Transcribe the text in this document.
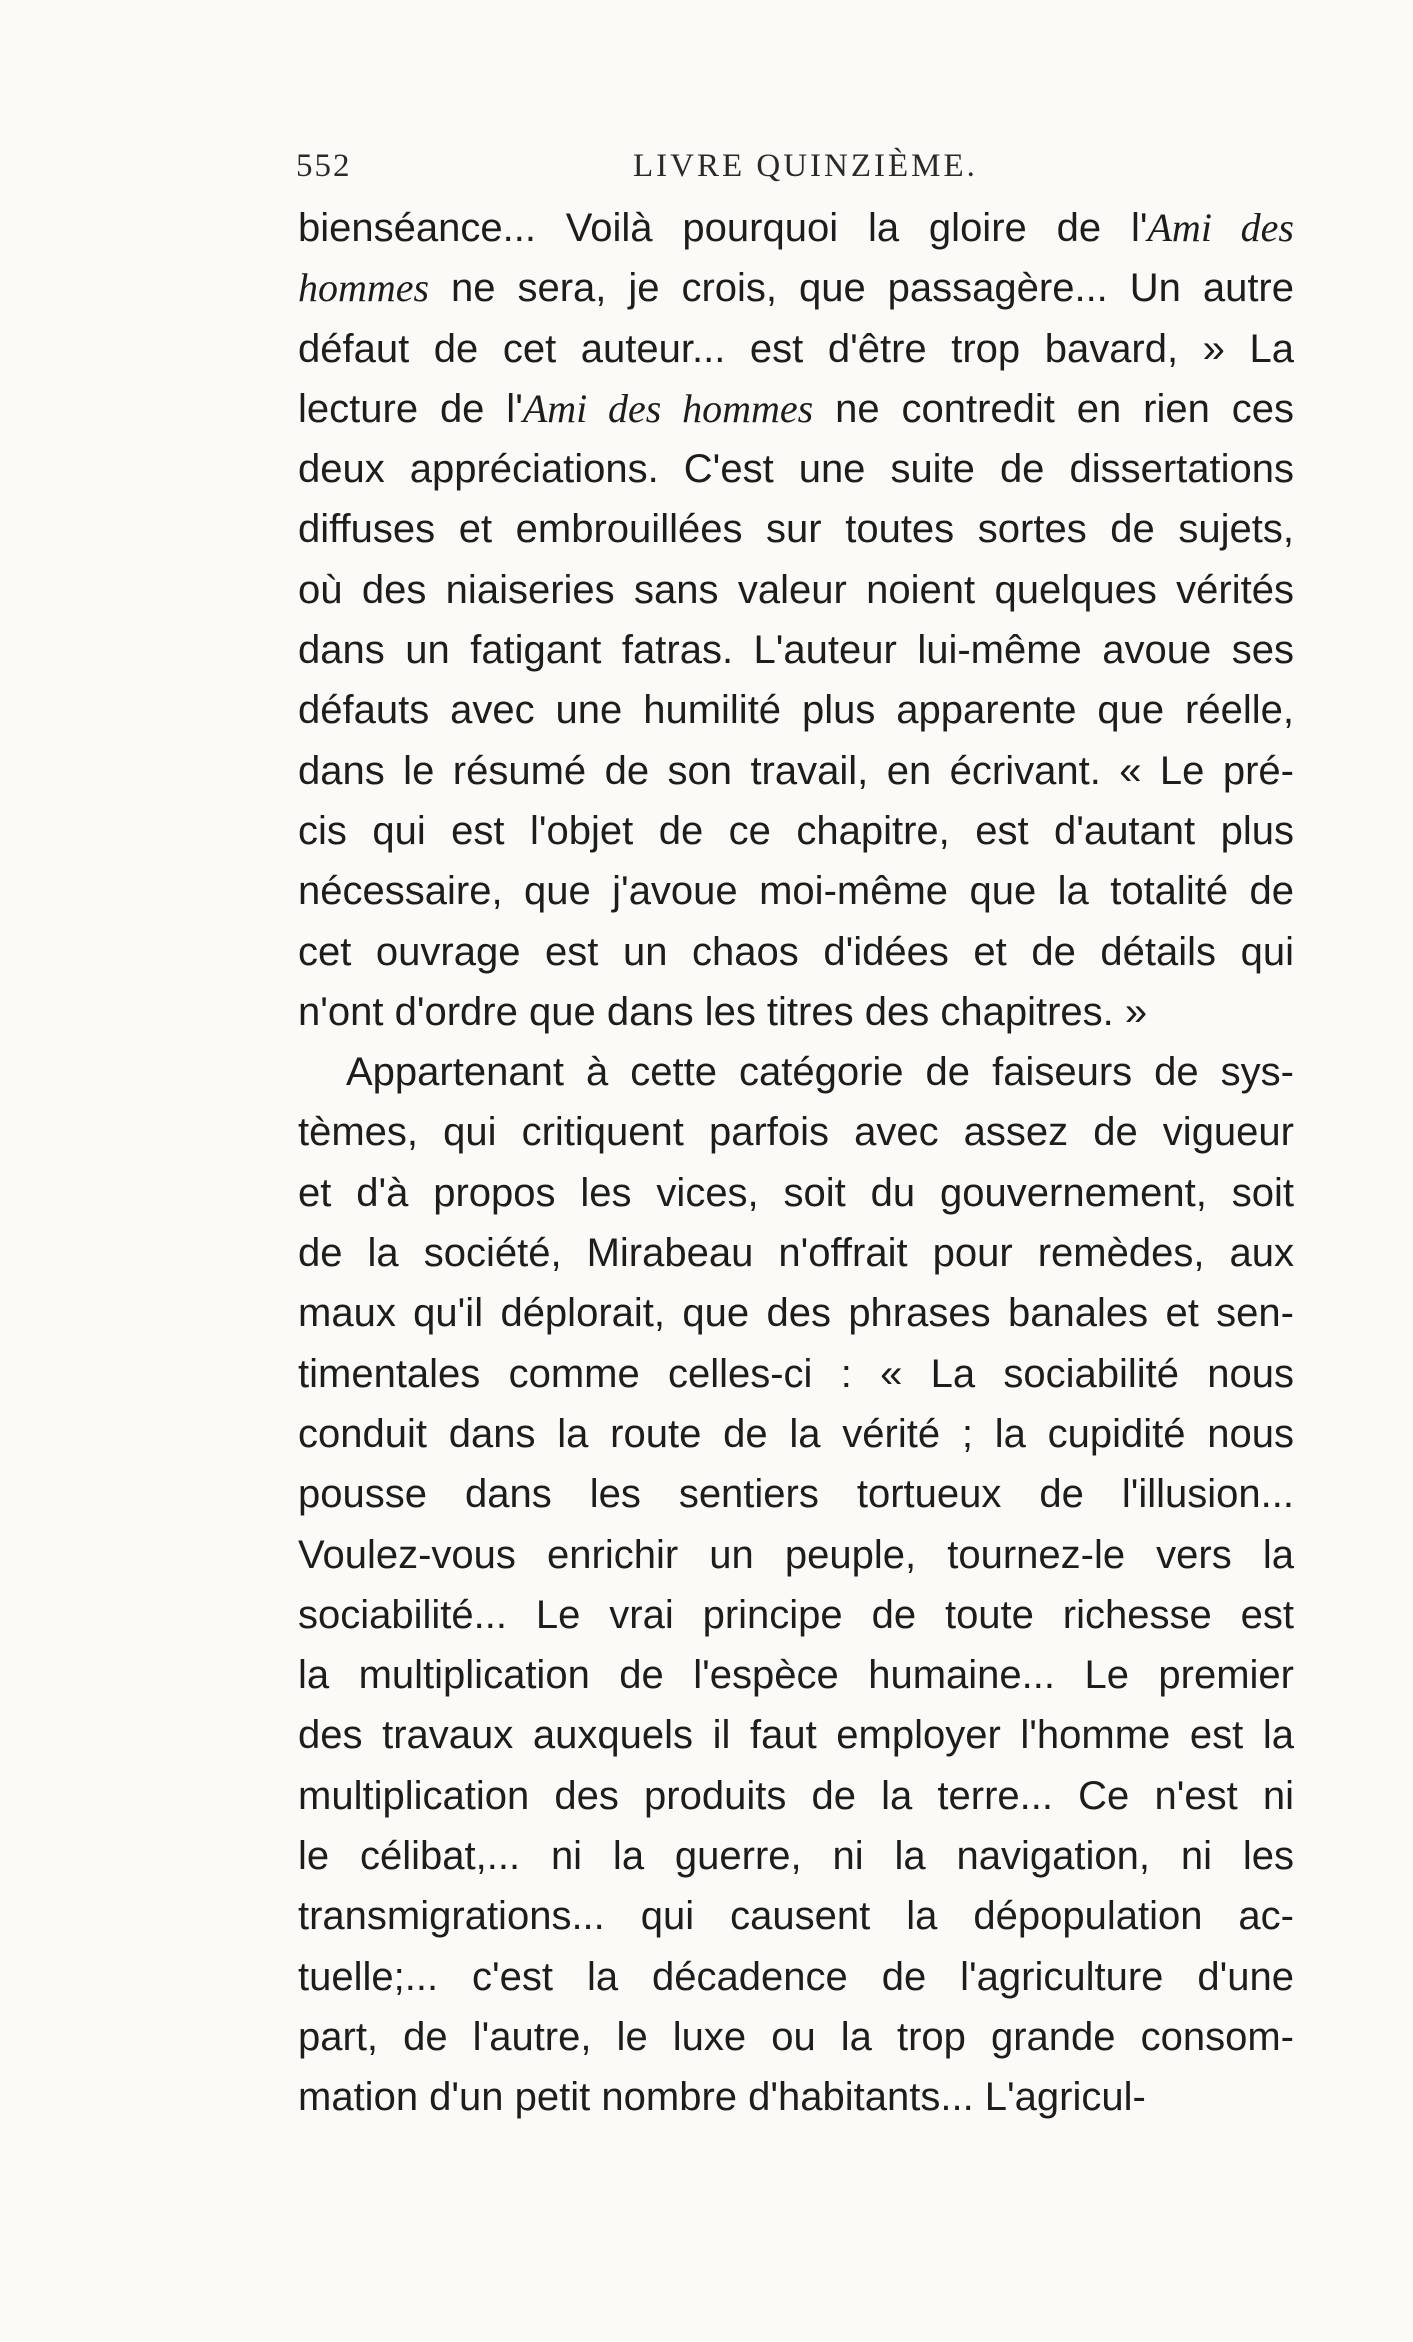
552	LIVRE QUINZIÈME.
bienséance... Voilà pourquoi la gloire de l'Ami des
hommes ne sera, je crois, que passagère... Un autre
défaut de cet auteur... est d'être trop bavard, » La
lecture de l'Ami des hommes ne contredit en rien ces
deux appréciations. C'est une suite de dissertations
diffuses et embrouillées sur toutes sortes de sujets,
où des niaiseries sans valeur noient quelques vérités
dans un fatigant fatras. L'auteur lui-même avoue ses
défauts avec une humilité plus apparente que réelle,
dans le résumé de son travail, en écrivant. « Le pré-
cis qui est l'objet de ce chapitre, est d'autant plus
nécessaire, que j'avoue moi-même que la totalité de
cet ouvrage est un chaos d'idées et de détails qui
n'ont d'ordre que dans les titres des chapitres. »
Appartenant à cette catégorie de faiseurs de sys-
tèmes, qui critiquent parfois avec assez de vigueur
et d'à propos les vices, soit du gouvernement, soit
de la société, Mirabeau n'offrait pour remèdes, aux
maux qu'il déplorait, que des phrases banales et sen-
timentales comme celles-ci : « La sociabilité nous
conduit dans la route de la vérité ; la cupidité nous
pousse dans les sentiers tortueux de l'illusion...
Voulez-vous enrichir un peuple, tournez-le vers la
sociabilité... Le vrai principe de toute richesse est
la multiplication de l'espèce humaine... Le premier
des travaux auxquels il faut employer l'homme est la
multiplication des produits de la terre... Ce n'est ni
le célibat,... ni la guerre, ni la navigation, ni les
transmigrations... qui causent la dépopulation ac-
tuelle;... c'est la décadence de l'agriculture d'une
part, de l'autre, le luxe ou la trop grande consom-
mation d'un petit nombre d'habitants... L'agricul-
